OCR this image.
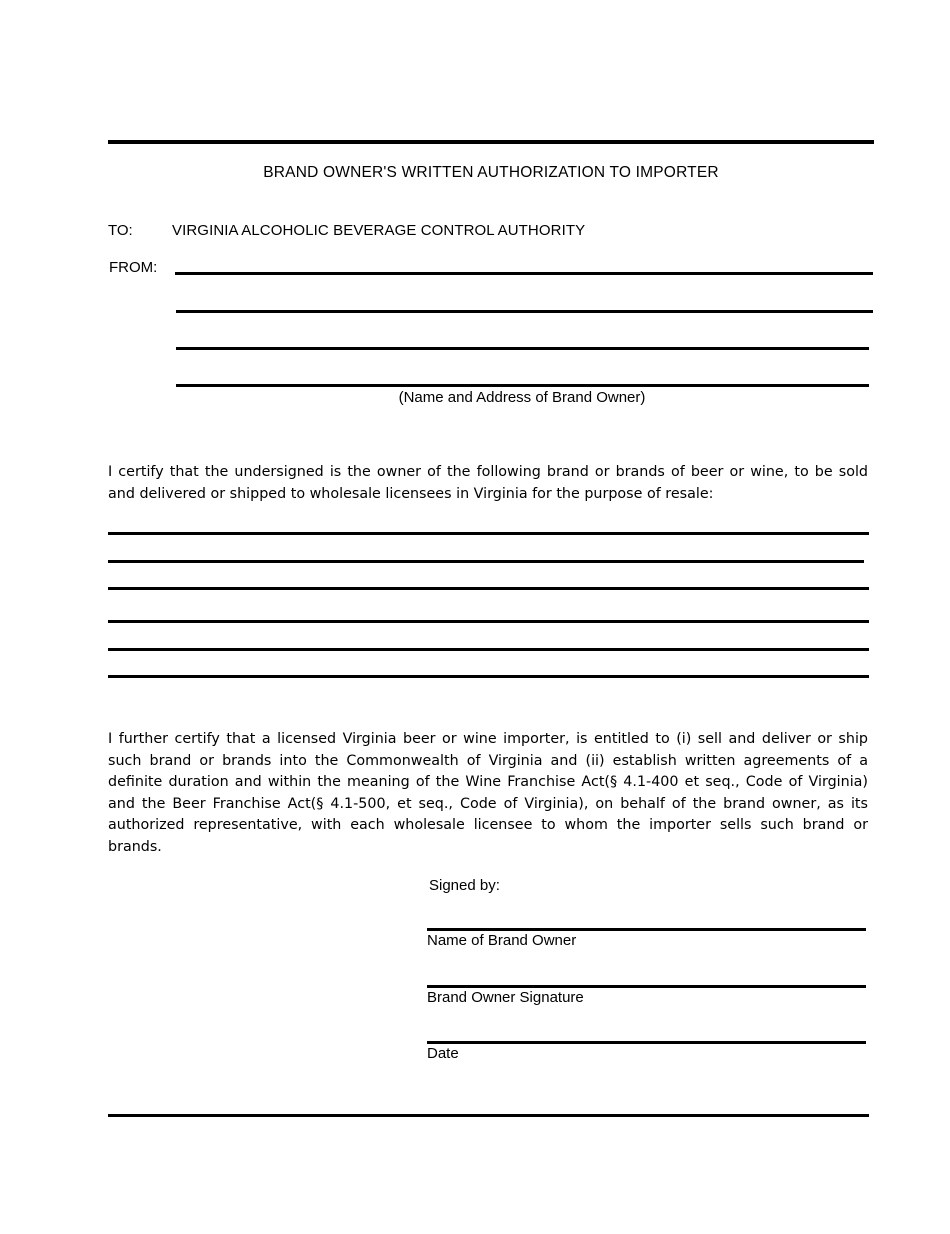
BRAND OWNER'S WRITTEN AUTHORIZATION TO IMPORTER
TO:	VIRGINIA ALCOHOLIC BEVERAGE CONTROL AUTHORITY
FROM:
(Name and Address of Brand Owner)
I certify that the undersigned is the owner of the following brand or brands of beer or wine, to be sold and delivered or shipped to wholesale licensees in Virginia for the purpose of resale:
I further certify that a licensed Virginia beer or wine importer, is entitled to (i) sell and deliver or ship such brand or brands into the Commonwealth of Virginia and (ii) establish written agreements of a definite duration and within the meaning of the Wine Franchise Act(§ 4.1-400 et seq., Code of Virginia) and the Beer Franchise Act(§ 4.1-500, et seq., Code of Virginia), on behalf of the brand owner, as its authorized representative, with each wholesale licensee to whom the importer sells such brand or brands.
Signed by:
Name of Brand Owner
Brand Owner Signature
Date
